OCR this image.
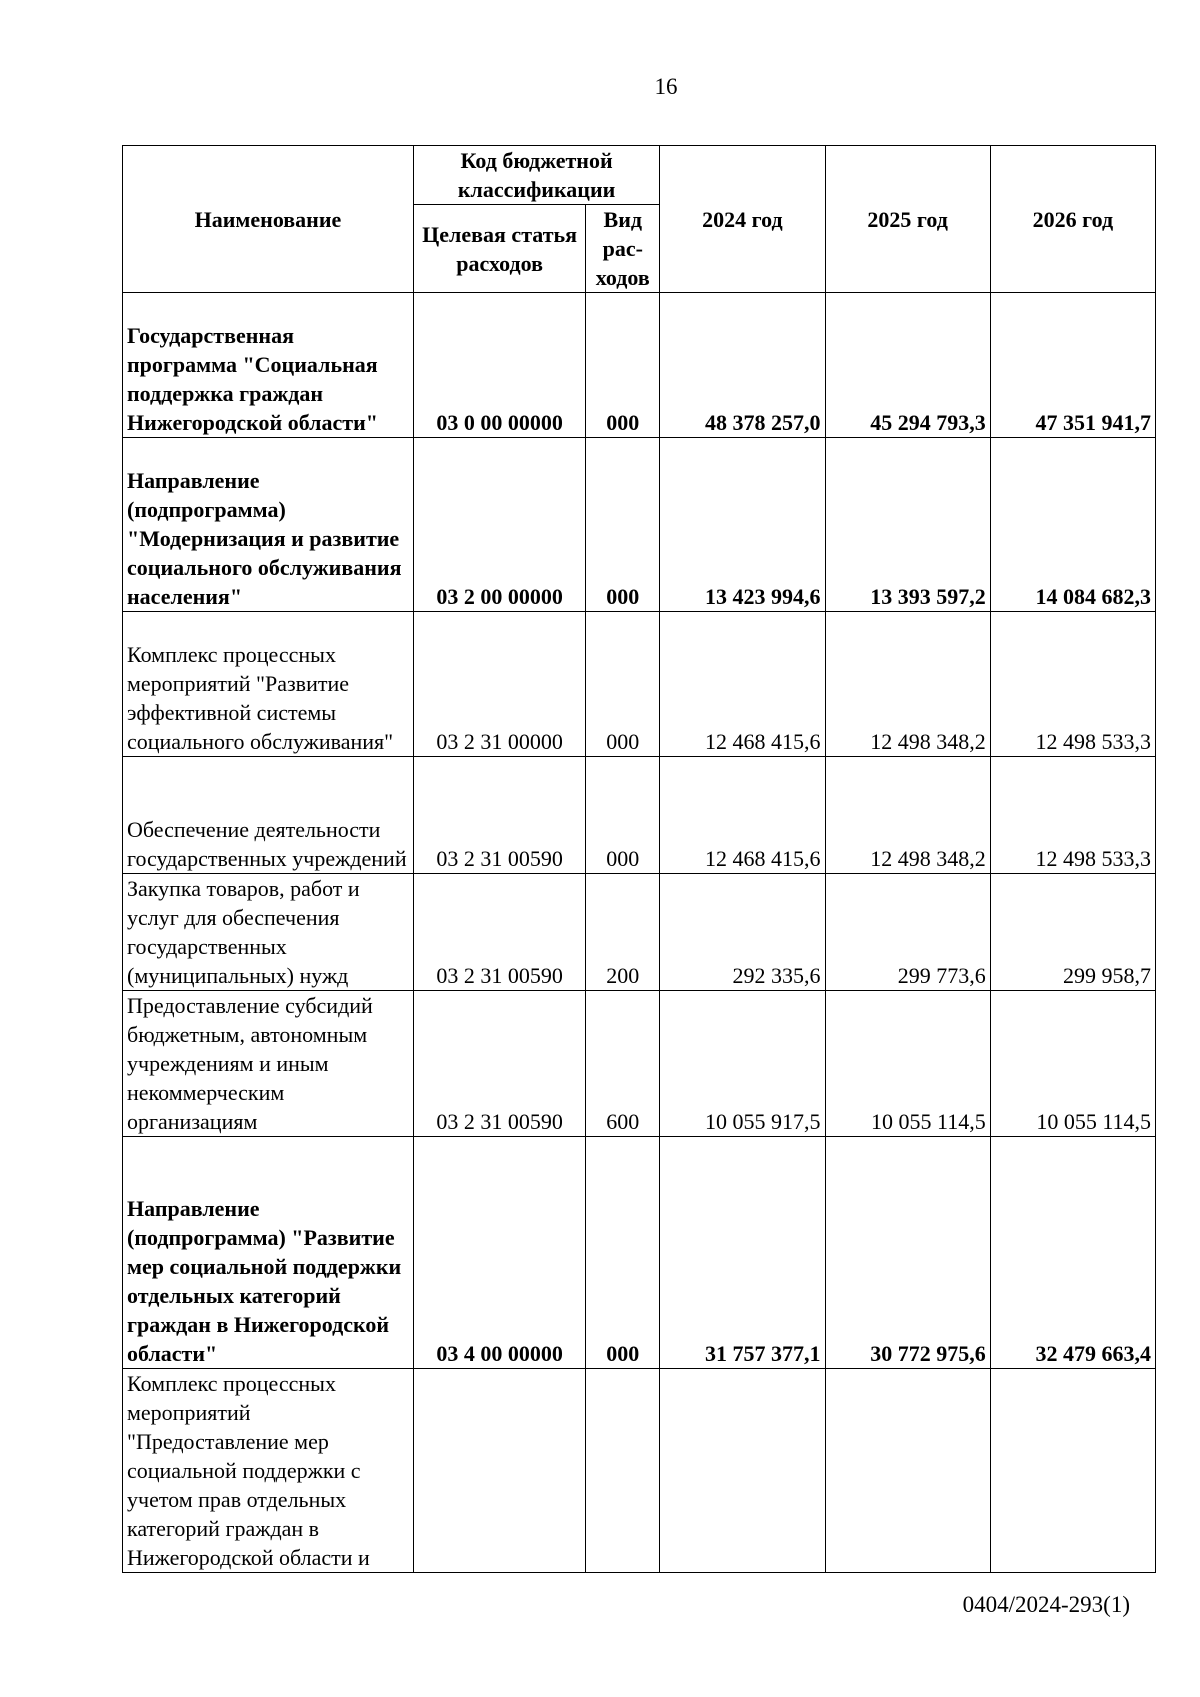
16
Наименование	Код бюджетной классификации		2024 год	2025 год	2026 год
	Целевая статья расходов	Вид рас-ходов			
Государственная программа "Социальная поддержка граждан Нижегородской области"	03 0 00 00000	000	48 378 257,0	45 294 793,3	47 351 941,7
Направление (подпрограмма) "Модернизация и развитие социального обслуживания населения"	03 2 00 00000	000	13 423 994,6	13 393 597,2	14 084 682,3
Комплекс процессных мероприятий "Развитие эффективной системы социального обслуживания"	03 2 31 00000	000	12 468 415,6	12 498 348,2	12 498 533,3
Обеспечение деятельности государственных учреждений	03 2 31 00590	000	12 468 415,6	12 498 348,2	12 498 533,3
Закупка товаров, работ и услуг для обеспечения государственных (муниципальных) нужд	03 2 31 00590	200	292 335,6	299 773,6	299 958,7
Предоставление субсидий бюджетным, автономным учреждениям и иным некоммерческим организациям	03 2 31 00590	600	10 055 917,5	10 055 114,5	10 055 114,5
Направление (подпрограмма) "Развитие мер социальной поддержки отдельных категорий граждан в Нижегородской области"	03 4 00 00000	000	31 757 377,1	30 772 975,6	32 479 663,4
Комплекс процессных мероприятий "Предоставление мер социальной поддержки с учетом прав отдельных категорий граждан в Нижегородской области и					
0404/2024-293(1)
